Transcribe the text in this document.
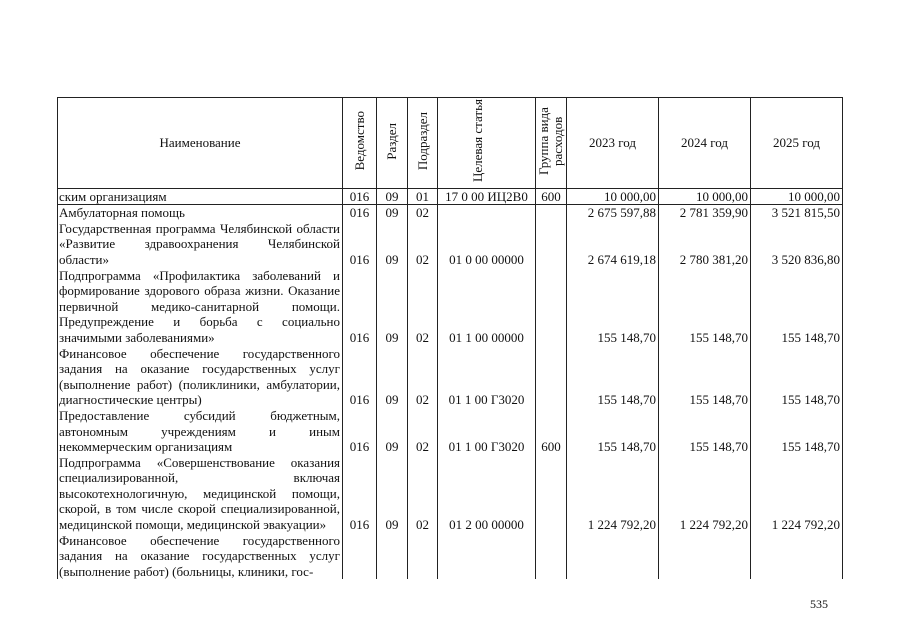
Наименование	Ведомство	Раздел	Подраздел	Целевая статья	Группа вида расходов	2023 год	2024 год	2025 год
ским организациям	016	09	01	17 0 00 ИЦ2В0	600	10 000,00	10 000,00	10 000,00
Амбулаторная помощь	016	09	02			2 675 597,88	2 781 359,90	3 521 815,50
Государственная программа Челябинской области «Развитие здравоохранения Челябинской области»	016	09	02	01 0 00 00000		2 674 619,18	2 780 381,20	3 520 836,80
Подпрограмма «Профилактика заболеваний и формирование здорового образа жизни. Оказание первичной медико-санитарной помощи. Предупреждение и борьба с социально значимыми заболеваниями»	016	09	02	01 1 00 00000		155 148,70	155 148,70	155 148,70
Финансовое обеспечение государственного задания на оказание государственных услуг (выполнение работ) (поликлиники, амбулатории, диагностические центры)	016	09	02	01 1 00 Г3020		155 148,70	155 148,70	155 148,70
Предоставление субсидий бюджетным, автономным учреждениям и иным некоммерческим организациям	016	09	02	01 1 00 Г3020	600	155 148,70	155 148,70	155 148,70
Подпрограмма «Совершенствование оказания специализированной, включая высокотехнологичную, медицинской помощи, скорой, в том числе скорой специализированной, медицинской помощи, медицинской эвакуации»	016	09	02	01 2 00 00000		1 224 792,20	1 224 792,20	1 224 792,20
Финансовое обеспечение государственного задания на оказание государственных услуг (выполнение работ) (больницы, клиники, гос-								
535
